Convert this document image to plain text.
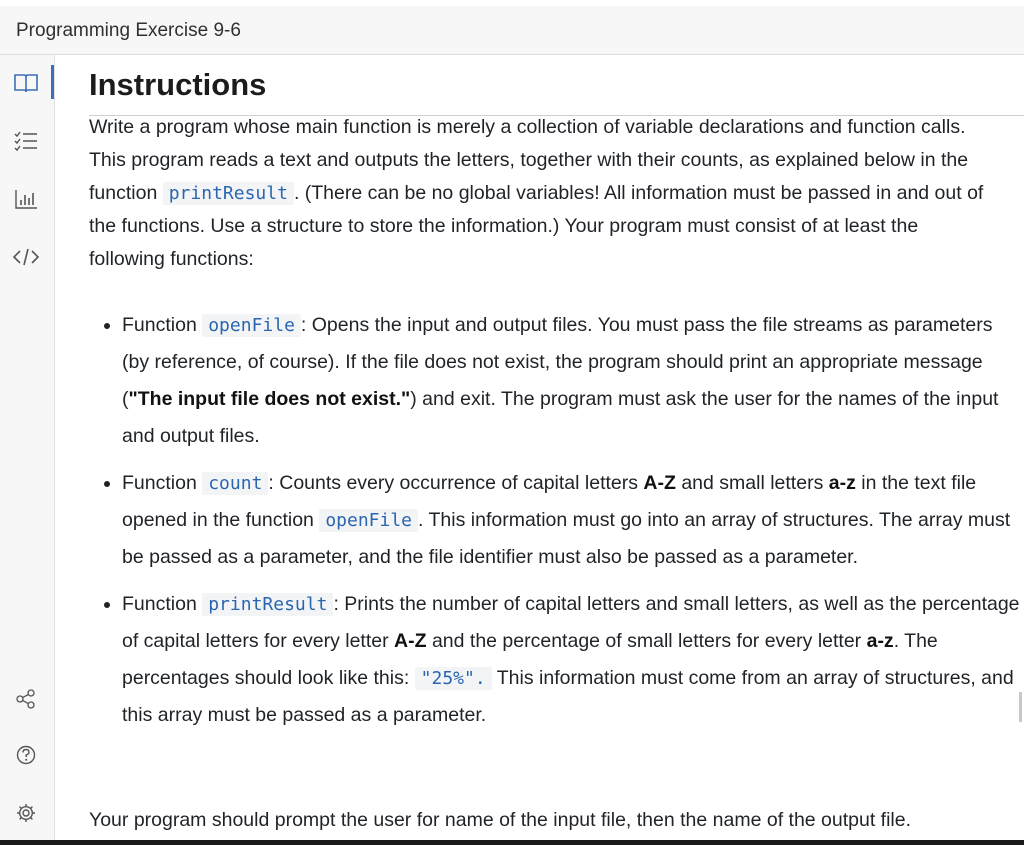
Programming Exercise 9-6
Instructions
Write a program whose main function is merely a collection of variable declarations and function calls. This program reads a text and outputs the letters, together with their counts, as explained below in the function printResult . (There can be no global variables! All information must be passed in and out of the functions. Use a structure to store the information.) Your program must consist of at least the following functions:
• Function openFile : Opens the input and output files. You must pass the file streams as parameters (by reference, of course). If the file does not exist, the program should print an appropriate message ("The input file does not exist.") and exit. The program must ask the user for the names of the input and output files.
• Function count : Counts every occurrence of capital letters A-Z and small letters a-z in the text file opened in the function openFile . This information must go into an array of structures. The array must be passed as a parameter, and the file identifier must also be passed as a parameter.
• Function printResult : Prints the number of capital letters and small letters, as well as the percentage of capital letters for every letter A-Z and the percentage of small letters for every letter a-z. The percentages should look like this: "25%". This information must come from an array of structures, and this array must be passed as a parameter.
Your program should prompt the user for name of the input file, then the name of the output file.
